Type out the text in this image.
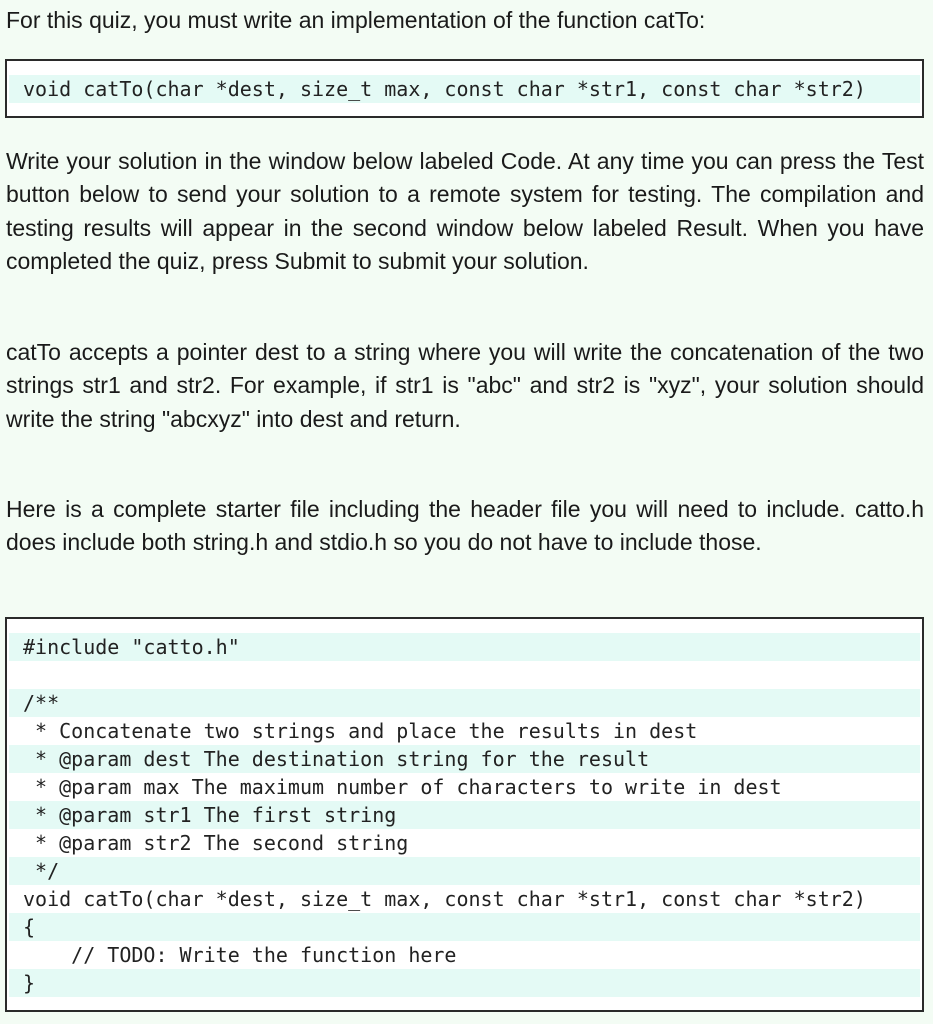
For this quiz, you must write an implementation of the function catTo:
void catTo(char *dest, size_t max, const char *str1, const char *str2)
Write your solution in the window below labeled Code. At any time you can press the Test button below to send your solution to a remote system for testing. The compilation and testing results will appear in the second window below labeled Result. When you have completed the quiz, press Submit to submit your solution.
catTo accepts a pointer dest to a string where you will write the concatenation of the two strings str1 and str2. For example, if str1 is "abc" and str2 is "xyz", your solution should write the string "abcxyz" into dest and return.
Here is a complete starter file including the header file you will need to include. catto.h does include both string.h and stdio.h so you do not have to include those.
#include "catto.h"
/**
* Concatenate two strings and place the results in dest
* @param dest The destination string for the result
* @param max The maximum number of characters to write in dest
* @param str1 The first string
* @param str2 The second string
*/
void catTo(char *dest, size_t max, const char *str1, const char *str2)
{
// TODO: Write the function here
}
